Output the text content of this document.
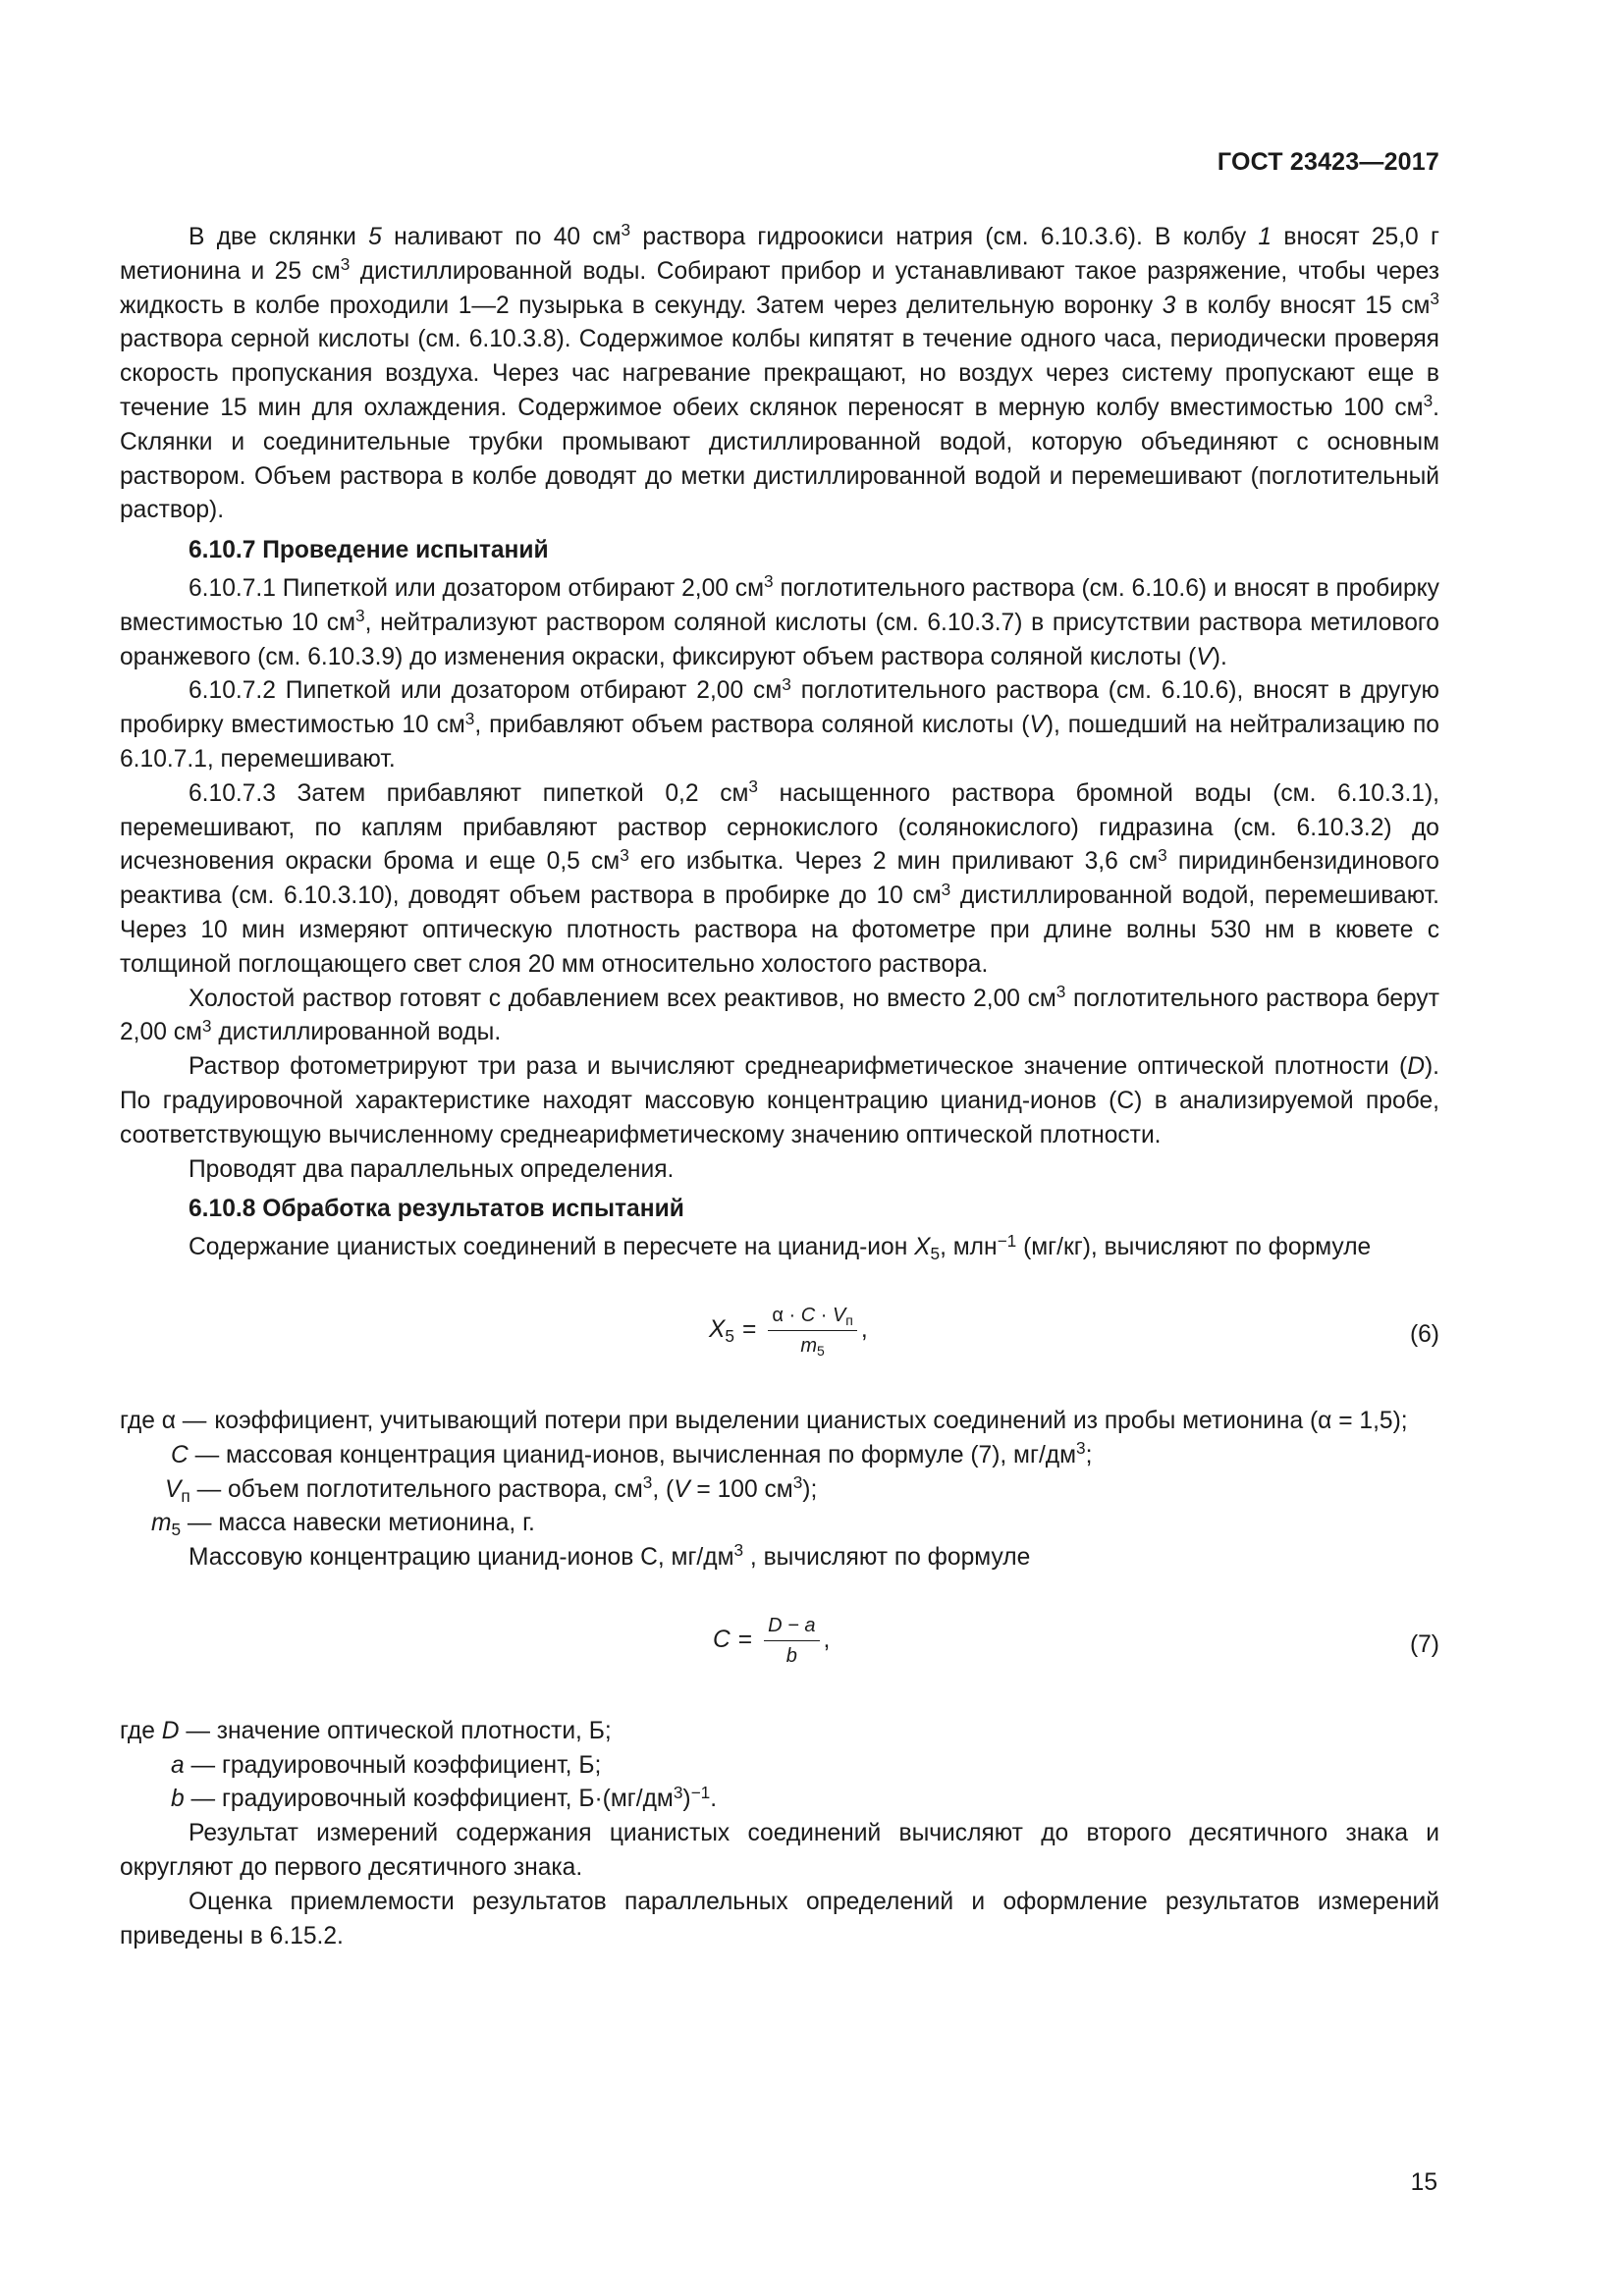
ГОСТ 23423—2017

В две склянки 5 наливают по 40 $см^3$ раствора гидроокиси натрия (см. 6.10.3.6). В колбу 1 вносят 25,0 г метионина и 25 $см^3$ дистиллированной воды. Собирают прибор и устанавливают такое разряжение, чтобы через жидкость в колбе проходили 1—2 пузырька в секунду. Затем через делительную воронку 3 в колбу вносят 15 $см^3$ раствора серной кислоты (см. 6.10.3.8). Содержимое колбы кипятят в течение одного часа, периодически проверяя скорость пропускания воздуха. Через час нагревание прекращают, но воздух через систему пропускают еще в течение 15 мин для охлаждения. Содержимое обеих склянок переносят в мерную колбу вместимостью 100 $см^3$. Склянки и соединительные трубки промывают дистиллированной водой, которую объединяют с основным раствором. Объем раствора в колбе доводят до метки дистиллированной водой и перемешивают (поглотительный раствор).

6.10.7 Проведение испытаний

6.10.7.1 Пипеткой или дозатором отбирают 2,00 $см^3$ поглотительного раствора (см. 6.10.6) и вносят в пробирку вместимостью 10 $см^3$, нейтрализуют раствором соляной кислоты (см. 6.10.3.7) в присутствии раствора метилового оранжевого (см. 6.10.3.9) до изменения окраски, фиксируют объем раствора соляной кислоты (V).

6.10.7.2 Пипеткой или дозатором отбирают 2,00 $см^3$ поглотительного раствора (см. 6.10.6), вносят в другую пробирку вместимостью 10 $см^3$, прибавляют объем раствора соляной кислоты (V), пошедший на нейтрализацию по 6.10.7.1, перемешивают.

6.10.7.3 Затем прибавляют пипеткой 0,2 $см^3$ насыщенного раствора бромной воды (см. 6.10.3.1), перемешивают, по каплям прибавляют раствор сернокислого (солянокислого) гидразина (см. 6.10.3.2) до исчезновения окраски брома и еще 0,5 $см^3$ его избытка. Через 2 мин приливают 3,6 $см^3$ пиридинбензидинового реактива (см. 6.10.3.10), доводят объем раствора в пробирке до 10 $см^3$ дистиллированной водой, перемешивают. Через 10 мин измеряют оптическую плотность раствора на фотометре при длине волны 530 нм в кювете с толщиной поглощающего свет слоя 20 мм относительно холостого раствора.

Холостой раствор готовят с добавлением всех реактивов, но вместо 2,00 $см^3$ поглотительного раствора берут 2,00 $см^3$ дистиллированной воды.

Раствор фотометрируют три раза и вычисляют среднеарифметическое значение оптической плотности (D). По градуировочной характеристике находят массовую концентрацию цианид-ионов (С) в анализируемой пробе, соответствующую вычисленному среднеарифметическому значению оптической плотности.

Проводят два параллельных определения.

6.10.8 Обработка результатов испытаний

Содержание цианистых соединений в пересчете на цианид-ион $X_5$, млн$^{-1}$ (мг/кг), вычисляют по формуле

$X_5 = \frac{\alpha \cdot C \cdot V_п}{m_5}$ ,	(6)
где α — коэффициент, учитывающий потери при выделении цианистых соединений из пробы метионина (α = 1,5);
C — массовая концентрация цианид-ионов, вычисленная по формуле (7), $мг/дм^3$;
$V_п$ — объем поглотительного раствора, $см^3$, (V = 100 $см^3$);
$m_5$ — масса навески метионина, г.

Массовую концентрацию цианид-ионов С, $мг/дм^3$ , вычисляют по формуле

$C = \frac{D - a}{b}$ ,	(7)
где D — значение оптической плотности, Б;
a — градуировочный коэффициент, Б;
b — градуировочный коэффициент, $Б\cdot(мг/дм^3)^{-1}$.

Результат измерений содержания цианистых соединений вычисляют до второго десятичного знака и округляют до первого десятичного знака.

Оценка приемлемости результатов параллельных определений и оформление результатов измерений приведены в 6.15.2.

15
